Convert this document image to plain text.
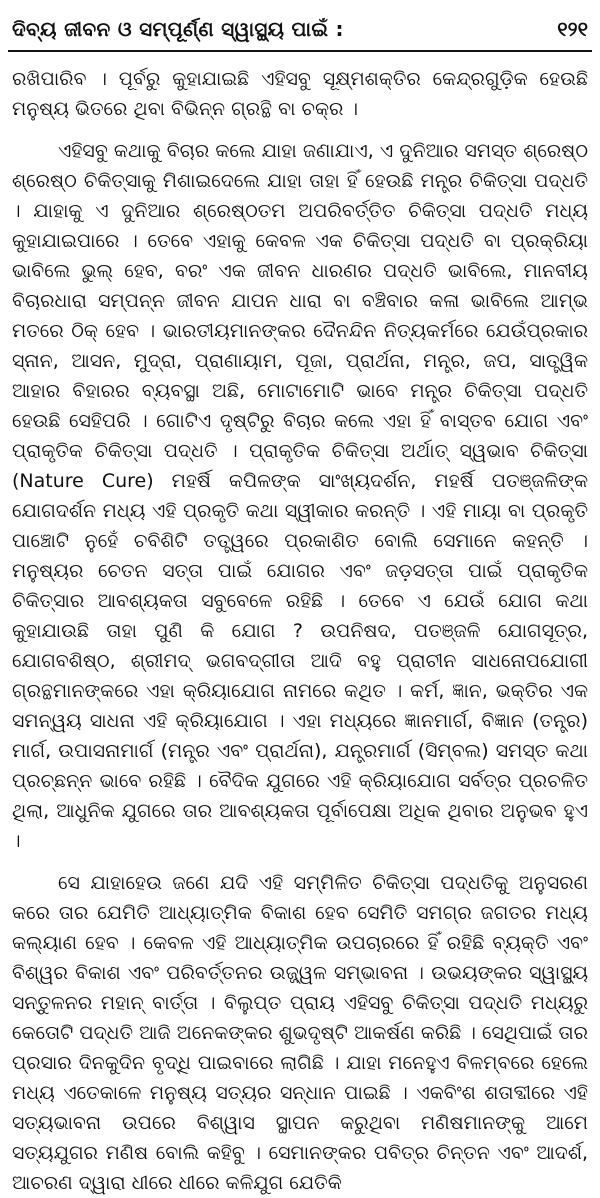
ଦିବ୍ୟ ଜୀବନ ଓ ସମ୍ପୂର୍ଣ୍ଣ ସ୍ୱାସ୍ଥ୍ୟ ପାଇଁ :	୧୨୧

ରଖିପାରିବ । ପୂର୍ବରୁ କୁହାଯାଇଛି ଏହିସବୁ ସୂକ୍ଷ୍ମଶକ୍ତିର କେନ୍ଦ୍ରଗୁଡ଼ିକ ହେଉଛି ମନୁଷ୍ୟ ଭିତରେ ଥିବା ବିଭିନ୍ନ ଗ୍ରନ୍ଥି ବା ଚକ୍ର ।

ଏହିସବୁ କଥାକୁ ବିଚାର କଲେ ଯାହା ଜଣାଯାଏ, ଏ ଦୁନିଆର ସମସ୍ତ ଶ୍ରେଷ୍ଠ ଶ୍ରେଷ୍ଠ ଚିକିତ୍ସାକୁ ମିଶାଇଦେଲେ ଯାହା ତାହା ହିଁ ହେଉଛି ମନ୍ତ୍ର ଚିକିତ୍ସା ପଦ୍ଧତି । ଯାହାକୁ ଏ ଦୁନିଆର ଶ୍ରେଷ୍ଠତମ ଅପରିବର୍ତ୍ତିତ ଚିକିତ୍ସା ପଦ୍ଧତି ମଧ୍ୟ କୁହାଯାଇପାରେ । ତେବେ ଏହାକୁ କେବଳ ଏକ ଚିକିତ୍ସା ପଦ୍ଧତି ବା ପ୍ରକ୍ରିୟା ଭାବିଲେ ଭୁଲ୍ ହେବ, ବରଂ ଏକ ଜୀବନ ଧାରଣର ପଦ୍ଧତି ଭାବିଲେ, ମାନବୀୟ ବିଚାରଧାରା ସମ୍ପନ୍ନ ଜୀବନ ଯାପନ ଧାରା ବା ବଞ୍ଚିବାର କଳା ଭାବିଲେ ଆମ୍ଭ ମତରେ ଠିକ୍ ହେବ । ଭାରତୀୟମାନଙ୍କର ଦୈନନ୍ଦିନ ନିତ୍ୟକର୍ମରେ ଯେଉଁପ୍ରକାର ସ୍ନାନ, ଆସନ, ମୁଦ୍ରା, ପ୍ରାଣାୟାମ, ପୂଜା, ପ୍ରାର୍ଥନା, ମନ୍ତ୍ର, ଜପ, ସାତ୍ତ୍ୱିକ ଆହାର ବିହାରର ବ୍ୟବସ୍ଥା ଅଛି, ମୋଟାମୋଟି ଭାବେ ମନ୍ତ୍ର ଚିକିତ୍ସା ପଦ୍ଧତି ହେଉଛି ସେହିପରି । ଗୋଟିଏ ଦୃଷ୍ଟିରୁ ବିଚାର କଲେ ଏହା ହିଁ ବାସ୍ତବ ଯୋଗ ଏବଂ ପ୍ରାକୃତିକ ଚିକିତ୍ସା ପଦ୍ଧତି । ପ୍ରାକୃତିକ ଚିକିତ୍ସା ଅର୍ଥାତ୍ ସ୍ୱଭାବ ଚିକିତ୍ସା (Nature Cure) ମହର୍ଷି କପିଳଙ୍କ ସାଂଖ୍ୟଦର୍ଶନ, ମହର୍ଷି ପତଞ୍ଜଳିଙ୍କ ଯୋଗଦର୍ଶନ ମଧ୍ୟ ଏହି ପ୍ରକୃତି କଥା ସ୍ୱୀକାର କରନ୍ତି । ଏହି ମାୟା ବା ପ୍ରକୃତି ପାଞ୍ଚୋଟି ନୁହେଁ ଚବିଶିଟି ତତ୍ତ୍ୱରେ ପ୍ରକାଶିତ ବୋଲି ସେମାନେ କହନ୍ତି । ମନୁଷ୍ୟର ଚେତନ ସତ୍ତା ପାଇଁ ଯୋଗର ଏବଂ ଜଡ଼ସତ୍ତା ପାଇଁ ପ୍ରାକୃତିକ ଚିକିତ୍ସାର ଆବଶ୍ୟକତା ସବୁବେଳେ ରହିଛି । ତେବେ ଏ ଯେଉଁ ଯୋଗ କଥା କୁହାଯାଉଛି ତାହା ପୁଣି କି ଯୋଗ ? ଉପନିଷଦ, ପତଞ୍ଜଳି ଯୋଗସୂତ୍ର, ଯୋଗବଶିଷ୍ଠ, ଶ୍ରୀମଦ୍ ଭଗବଦ୍‌ଗୀତା ଆଦି ବହୁ ପ୍ରାଚୀନ ସାଧନୋପଯୋଗୀ ଗ୍ରନ୍ଥମାନଙ୍କରେ ଏହା କ୍ରିୟାଯୋଗ ନାମରେ କଥିତ । କର୍ମ, ଜ୍ଞାନ, ଭକ୍ତିର ଏକ ସମନ୍ୱୟ ସାଧନା ଏହି କ୍ରିୟାଯୋଗ । ଏହା ମଧ୍ୟରେ ଜ୍ଞାନମାର୍ଗ, ବିଜ୍ଞାନ (ତନ୍ତ୍ର) ମାର୍ଗ, ଉପାସନାମାର୍ଗ (ମନ୍ତ୍ର ଏବଂ ପ୍ରାର୍ଥନା), ଯନ୍ତ୍ରମାର୍ଗ (ସିମ୍ବଲ) ସମସ୍ତ କଥା ପ୍ରଚ୍ଛନ୍ନ ଭାବେ ରହିଛି । ବୈଦିକ ଯୁଗରେ ଏହି କ୍ରିୟାଯୋଗ ସର୍ବତ୍ର ପ୍ରଚଳିତ ଥିଲା, ଆଧୁନିକ ଯୁଗରେ ତାର ଆବଶ୍ୟକତା ପୂର୍ବାପେକ୍ଷା ଅଧିକ ଥିବାର ଅନୁଭବ ହୁଏ ।

ସେ ଯାହାହେଉ ଜଣେ ଯଦି ଏହି ସମ୍ମିଳିତ ଚିକିତ୍ସା ପଦ୍ଧତିକୁ ଅନୁସରଣ କରେ ତାର ଯେମିତି ଆଧ୍ୟାତ୍ମିକ ବିକାଶ ହେବ ସେମିତି ସମଗ୍ର ଜଗତର ମଧ୍ୟ କଲ୍ୟାଣ ହେବ । କେବଳ ଏହି ଆଧ୍ୟାତ୍ମିକ ଉପଚାରରେ ହିଁ ରହିଛି ବ୍ୟକ୍ତି ଏବଂ ବିଶ୍ୱର ବିକାଶ ଏବଂ ପରିବର୍ତ୍ତନର ଉଜ୍ଜ୍ୱଳ ସମ୍ଭାବନା । ଉଭୟଙ୍କର ସ୍ୱାସ୍ଥ୍ୟ ସନ୍ତୁଳନର ମହାନ୍ ବାର୍ତ୍ତା । ବିଲୁପ୍ତ ପ୍ରାୟ ଏହିସବୁ ଚିକିତ୍ସା ପଦ୍ଧତି ମଧ୍ୟରୁ କେତୋଟି ପଦ୍ଧତି ଆଜି ଅନେକଙ୍କର ଶୁଭଦୃଷ୍ଟି ଆକର୍ଷଣ କରିଛି । ସେଥିପାଇଁ ତାର ପ୍ରସାର ଦିନକୁଦିନ ବୃଦ୍ଧି ପାଇବାରେ ଲାଗିଛି । ଯାହା ମନେହୁଏ ବିଳମ୍ବରେ ହେଲେ ମଧ୍ୟ ଏତେକାଳେ ମନୁଷ୍ୟ ସତ୍ୟର ସନ୍ଧାନ ପାଇଛି । ଏକବିଂଶ ଶତାବ୍ଦୀରେ ଏହି ସତ୍ୟଭାବନା ଉପରେ ବିଶ୍ୱାସ ସ୍ଥାପନ କରୁଥିବା ମଣିଷମାନଙ୍କୁ ଆମେ ସତ୍ୟଯୁଗର ମଣିଷ ବୋଲି କହିବୁ । ସେମାନଙ୍କର ପବିତ୍ର ଚିନ୍ତନ ଏବଂ ଆଦର୍ଶ, ଆଚରଣ ଦ୍ୱାରା ଧୀରେ ଧୀରେ କଳିଯୁଗ ଯେତିକି
